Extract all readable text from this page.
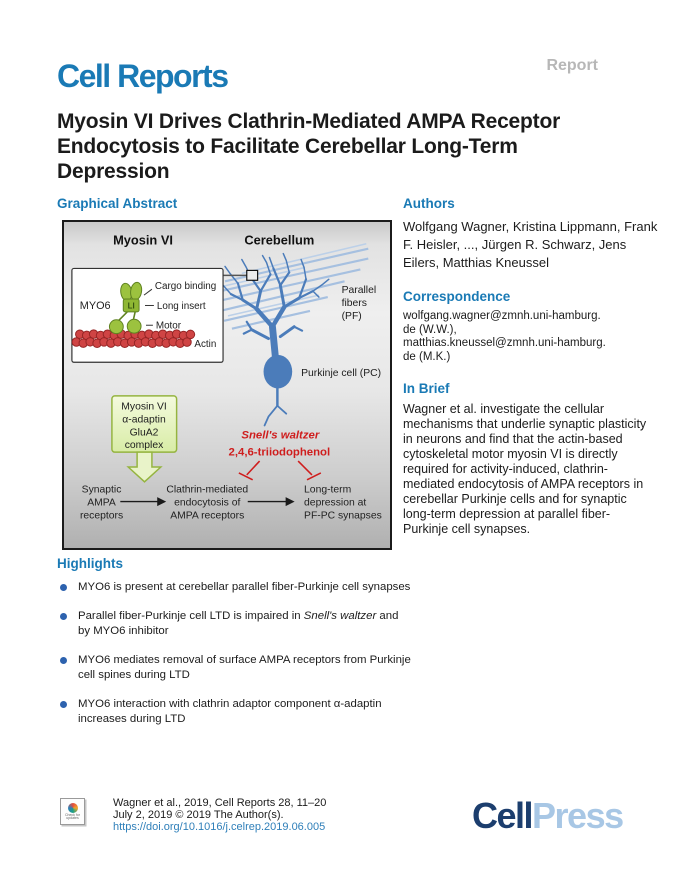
Cell Reports	Report
Myosin VI Drives Clathrin-Mediated AMPA Receptor Endocytosis to Facilitate Cerebellar Long-Term Depression
Graphical Abstract
Myosin VI	Cerebellum
LI
MYO6
Cargo binding
Long insert
Motor
Actin
Parallel
fibers
(PF)
Purkinje cell (PC)
Myosin VI
α-adaptin
GluA2
complex
Snell's waltzer
2,4,6-triiodophenol
Synaptic
AMPA
receptors
Clathrin-mediated
endocytosis of
AMPA receptors
Long-term
depression at
PF-PC synapses
Authors
Wolfgang Wagner, Kristina Lippmann, Frank F. Heisler, ..., Jürgen R. Schwarz, Jens Eilers, Matthias Kneussel
Correspondence
wolfgang.wagner@zmnh.uni-hamburg.
de (W.W.),
matthias.kneussel@zmnh.uni-hamburg.
de (M.K.)
In Brief
Wagner et al. investigate the cellular mechanisms that underlie synaptic plasticity in neurons and find that the actin-based cytoskeletal motor myosin VI is directly required for activity-induced, clathrin-mediated endocytosis of AMPA receptors in cerebellar Purkinje cells and for synaptic long-term depression at parallel fiber-Purkinje cell synapses.
Highlights
MYO6 is present at cerebellar parallel fiber-Purkinje cell synapses
Parallel fiber-Purkinje cell LTD is impaired in Snell's waltzer and by MYO6 inhibitor
MYO6 mediates removal of surface AMPA receptors from Purkinje cell spines during LTD
MYO6 interaction with clathrin adaptor component α-adaptin increases during LTD
Check for updates
Wagner et al., 2019, Cell Reports 28, 11–20
July 2, 2019 © 2019 The Author(s).
https://doi.org/10.1016/j.celrep.2019.06.005	CellPress
